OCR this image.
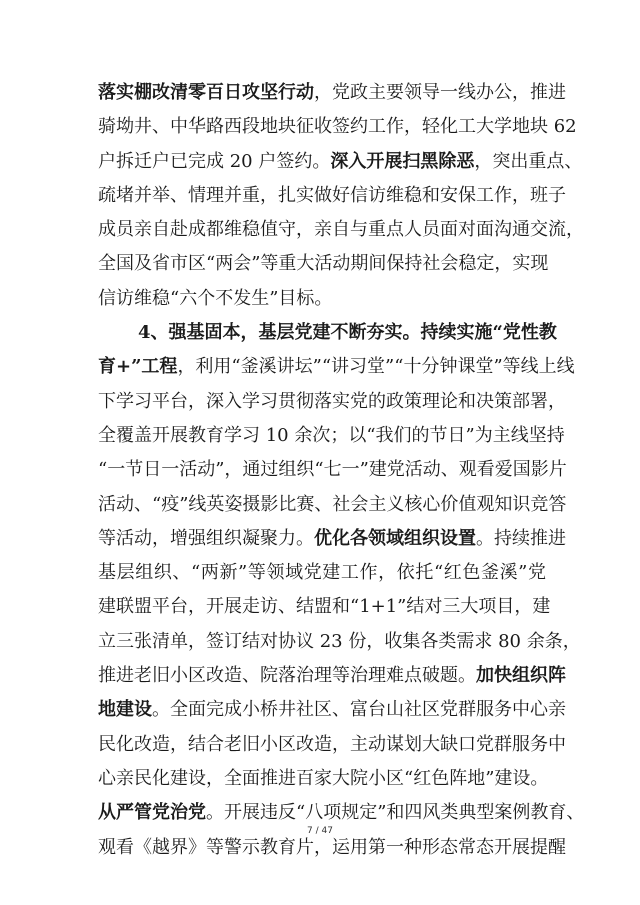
落实棚改清零百日攻坚行动，党政主要领导一线办公，推进
骑坳井、中华路西段地块征收签约工作，轻化工大学地块 62
户拆迁户已完成 20 户签约。深入开展扫黑除恶，突出重点、
疏堵并举、情理并重，扎实做好信访维稳和安保工作，班子
成员亲自赴成都维稳值守，亲自与重点人员面对面沟通交流，
全国及省市区“两会”等重大活动期间保持社会稳定，实现
信访维稳“六个不发生”目标。
4、强基固本，基层党建不断夯实。持续实施“党性教
育+”工程，利用“釜溪讲坛”“讲习堂”“十分钟课堂”等线上线
下学习平台，深入学习贯彻落实党的政策理论和决策部署，
全覆盖开展教育学习 10 余次；以“我们的节日”为主线坚持
“一节日一活动”，通过组织“七一”建党活动、观看爱国影片
活动、“疫”线英姿摄影比赛、社会主义核心价值观知识竞答
等活动，增强组织凝聚力。优化各领域组织设置。持续推进
基层组织、“两新”等领域党建工作，依托“红色釜溪”党
建联盟平台，开展走访、结盟和“1+1”结对三大项目，建
立三张清单，签订结对协议 23 份，收集各类需求 80 余条，
推进老旧小区改造、院落治理等治理难点破题。加快组织阵
地建设。全面完成小桥井社区、富台山社区党群服务中心亲
民化改造，结合老旧小区改造，主动谋划大缺口党群服务中
心亲民化建设，全面推进百家大院小区“红色阵地”建设。
从严管党治党。开展违反“八项规定”和四风类典型案例教育、
观看《越界》等警示教育片，运用第一种形态常态开展提醒
7 / 47
